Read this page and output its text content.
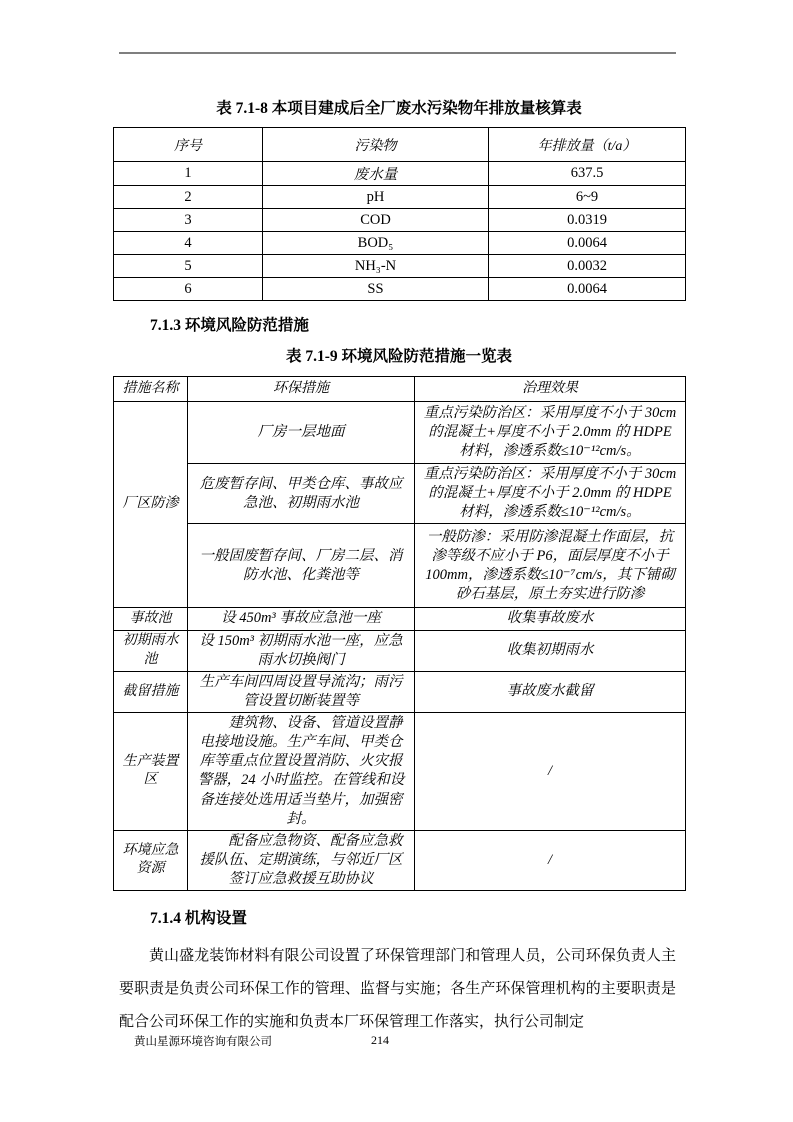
表 7.1-8 本项目建成后全厂废水污染物年排放量核算表
序号	污染物	年排放量（t/a）
1	废水量	637.5
2	pH	6~9
3	COD	0.0319
4	BOD₅	0.0064
5	NH₃-N	0.0032
6	SS	0.0064
7.1.3 环境风险防范措施
表 7.1-9 环境风险防范措施一览表
措施名称	环保措施	治理效果
厂区防渗	厂房一层地面	重点污染防治区：采用厚度不小于 30cm 的混凝土+厚度不小于 2.0mm 的 HDPE 材料，渗透系数≤10⁻¹²cm/s。
	危废暂存间、甲类仓库、事故应急池、初期雨水池	重点污染防治区：采用厚度不小于 30cm 的混凝土+厚度不小于 2.0mm 的 HDPE 材料，渗透系数≤10⁻¹²cm/s。
	一般固废暂存间、厂房二层、消防水池、化粪池等	一般防渗：采用防渗混凝土作面层，抗渗等级不应小于 P6，面层厚度不小于 100mm，渗透系数≤10⁻⁷cm/s，其下铺砌砂石基层，原土夯实进行防渗
事故池	设 450m³ 事故应急池一座	收集事故废水
初期雨水池	设 150m³ 初期雨水池一座，应急雨水切换阀门	收集初期雨水
截留措施	生产车间四周设置导流沟；雨污管设置切断装置等	事故废水截留
生产装置区	建筑物、设备、管道设置静电接地设施。生产车间、甲类仓库等重点位置设置消防、火灾报警器，24 小时监控。在管线和设备连接处选用适当垫片，加强密封。	/
环境应急资源	配备应急物资、配备应急救援队伍、定期演练，与邻近厂区签订应急救援互助协议	/
7.1.4 机构设置
黄山盛龙装饰材料有限公司设置了环保管理部门和管理人员，公司环保负责人主要职责是负责公司环保工作的管理、监督与实施；各生产环保管理机构的主要职责是配合公司环保工作的实施和负责本厂环保管理工作落实，执行公司制定
黄山星源环境咨询有限公司	214
